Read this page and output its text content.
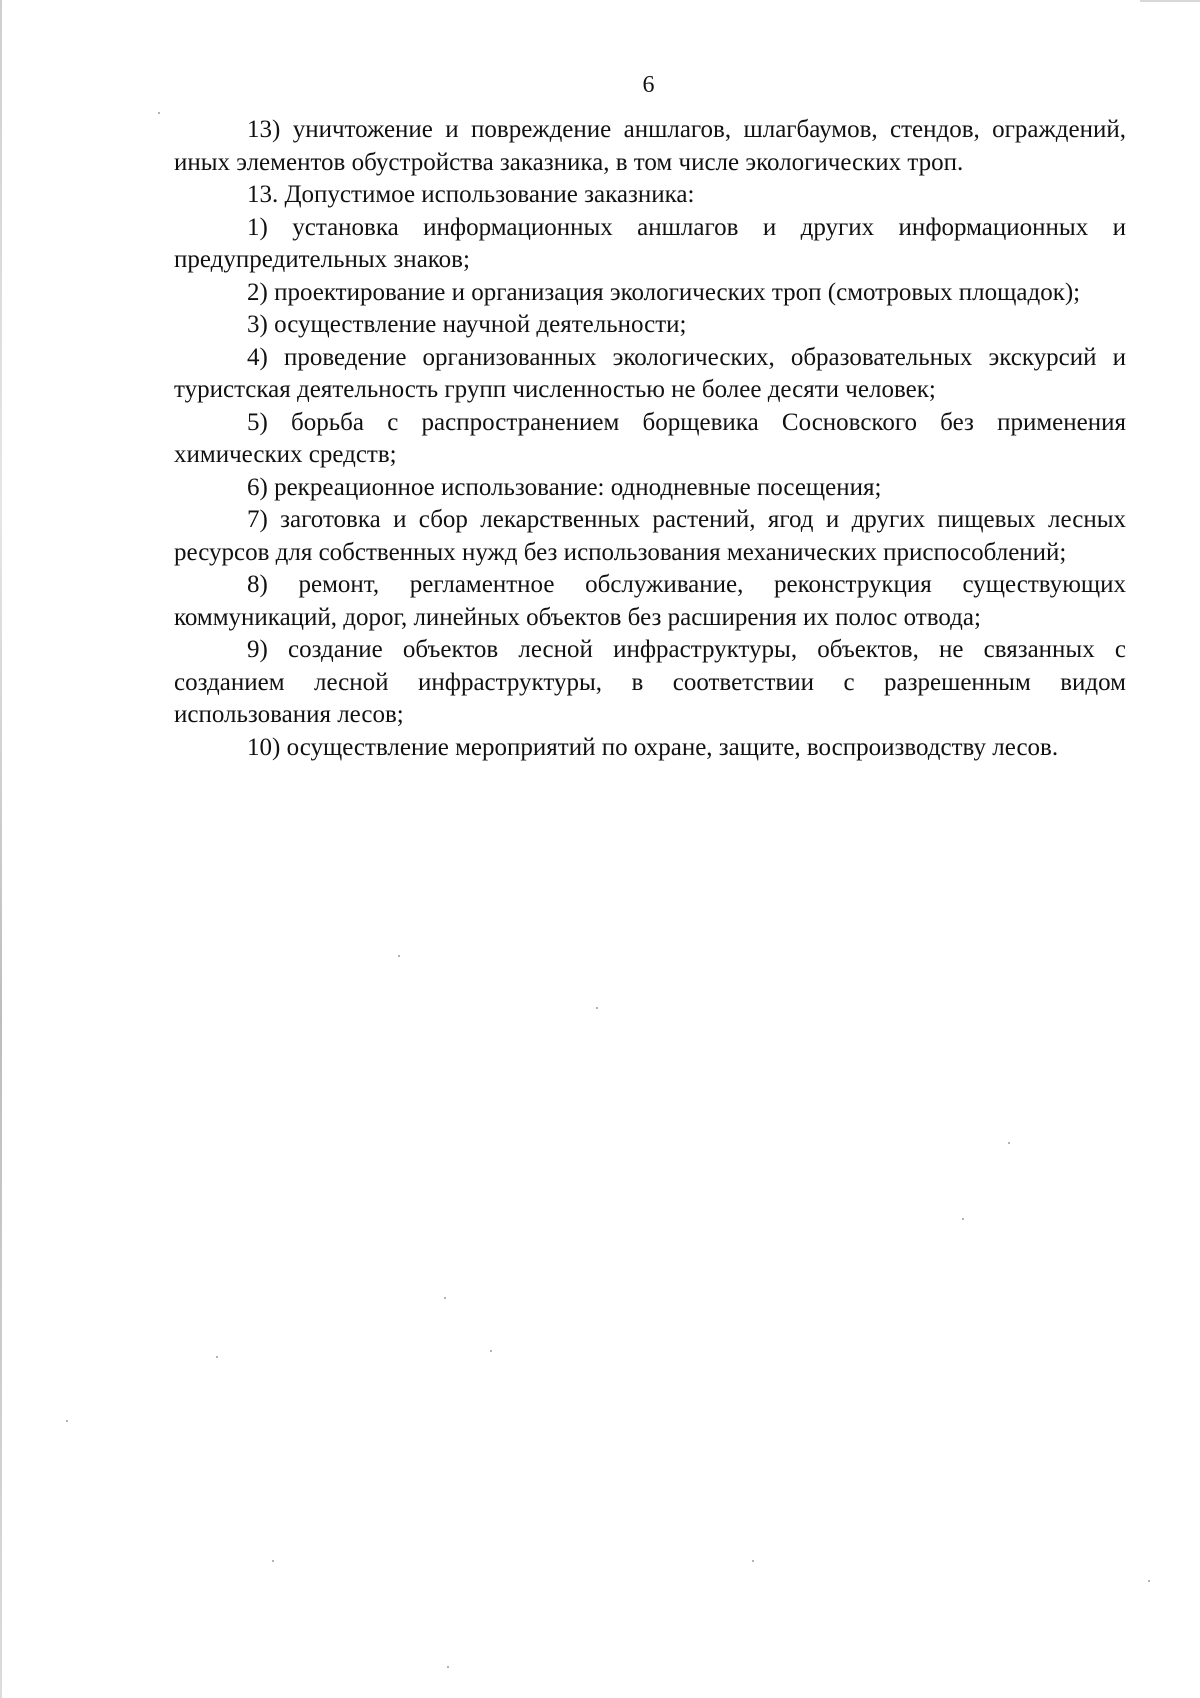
6

13) уничтожение и повреждение аншлагов, шлагбаумов, стендов, ограждений, иных элементов обустройства заказника, в том числе экологических троп.

13. Допустимое использование заказника:

1) установка информационных аншлагов и других информационных и предупредительных знаков;

2) проектирование и организация экологических троп (смотровых площадок);

3) осуществление научной деятельности;

4) проведение организованных экологических, образовательных экскурсий и туристская деятельность групп численностью не более десяти человек;

5) борьба с распространением борщевика Сосновского без применения химических средств;

6) рекреационное использование: однодневные посещения;

7) заготовка и сбор лекарственных растений, ягод и других пищевых лесных ресурсов для собственных нужд без использования механических приспособлений;

8) ремонт, регламентное обслуживание, реконструкция существующих коммуникаций, дорог, линейных объектов без расширения их полос отвода;

9) создание объектов лесной инфраструктуры, объектов, не связанных с созданием лесной инфраструктуры, в соответствии с разрешенным видом использования лесов;

10) осуществление мероприятий по охране, защите, воспроизводству лесов.
